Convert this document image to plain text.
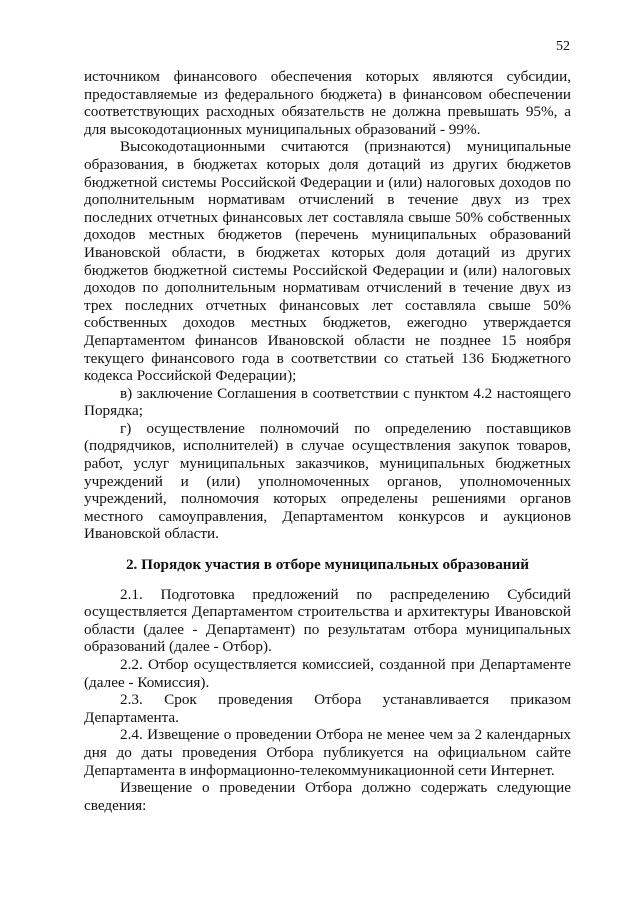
52

источником финансового обеспечения которых являются субсидии, предоставляемые из федерального бюджета) в финансовом обеспечении соответствующих расходных обязательств не должна превышать 95%, а для высокодотационных муниципальных образований - 99%.

Высокодотационными считаются (признаются) муниципальные образования, в бюджетах которых доля дотаций из других бюджетов бюджетной системы Российской Федерации и (или) налоговых доходов по дополнительным нормативам отчислений в течение двух из трех последних отчетных финансовых лет составляла свыше 50% собственных доходов местных бюджетов (перечень муниципальных образований Ивановской области, в бюджетах которых доля дотаций из других бюджетов бюджетной системы Российской Федерации и (или) налоговых доходов по дополнительным нормативам отчислений в течение двух из трех последних отчетных финансовых лет составляла свыше 50% собственных доходов местных бюджетов, ежегодно утверждается Департаментом финансов Ивановской области не позднее 15 ноября текущего финансового года в соответствии со статьей 136 Бюджетного кодекса Российской Федерации);

в) заключение Соглашения в соответствии с пунктом 4.2 настоящего Порядка;

г) осуществление полномочий по определению поставщиков (подрядчиков, исполнителей) в случае осуществления закупок товаров, работ, услуг муниципальных заказчиков, муниципальных бюджетных учреждений и (или) уполномоченных органов, уполномоченных учреждений, полномочия которых определены решениями органов местного самоуправления, Департаментом конкурсов и аукционов Ивановской области.

2. Порядок участия в отборе муниципальных образований

2.1. Подготовка предложений по распределению Субсидий осуществляется Департаментом строительства и архитектуры Ивановской области (далее - Департамент) по результатам отбора муниципальных образований (далее - Отбор).

2.2. Отбор осуществляется комиссией, созданной при Департаменте (далее - Комиссия).

2.3. Срок проведения Отбора устанавливается приказом Департамента.

2.4. Извещение о проведении Отбора не менее чем за 2 календарных дня до даты проведения Отбора публикуется на официальном сайте Департамента в информационно-телекоммуникационной сети Интернет.

Извещение о проведении Отбора должно содержать следующие сведения:
